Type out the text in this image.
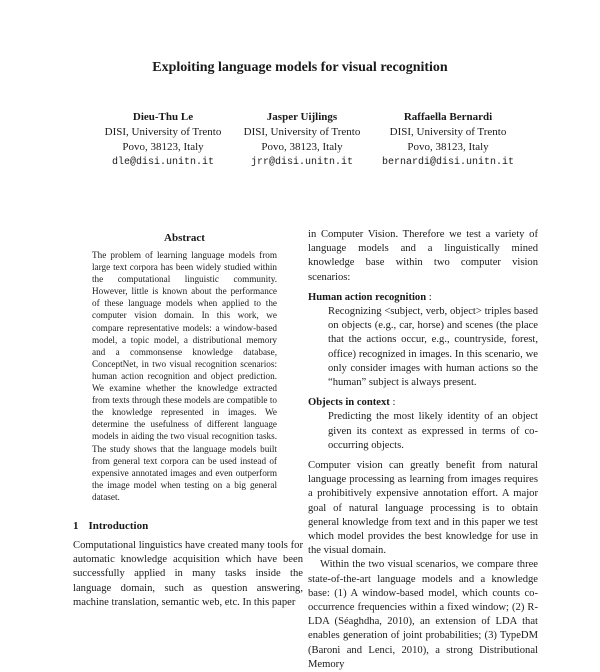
Exploiting language models for visual recognition
Dieu-Thu Le
DISI, University of Trento
Povo, 38123, Italy
dle@disi.unitn.it
Jasper Uijlings
DISI, University of Trento
Povo, 38123, Italy
jrr@disi.unitn.it
Raffaella Bernardi
DISI, University of Trento
Povo, 38123, Italy
bernardi@disi.unitn.it
Abstract
The problem of learning language models from large text corpora has been widely studied within the computational linguistic community. However, little is known about the performance of these language models when applied to the computer vision domain. In this work, we compare representative models: a window-based model, a topic model, a distributional memory and a commonsense knowledge database, ConceptNet, in two visual recognition scenarios: human action recognition and object prediction. We examine whether the knowledge extracted from texts through these models are compatible to the knowledge represented in images. We determine the usefulness of different language models in aiding the two visual recognition tasks. The study shows that the language models built from general text corpora can be used instead of expensive annotated images and even outperform the image model when testing on a big general dataset.
1 Introduction
Computational linguistics have created many tools for automatic knowledge acquisition which have been successfully applied in many tasks inside the language domain, such as question answering, machine translation, semantic web, etc. In this paper

in Computer Vision. Therefore we test a variety of language models and a linguistically mined knowledge base within two computer vision scenarios:

Human action recognition :
Recognizing <subject, verb, object> triples based on objects (e.g., car, horse) and scenes (the place that the actions occur, e.g., countryside, forest, office) recognized in images. In this scenario, we only consider images with human actions so the “human” subject is always present.
Objects in context :
Predicting the most likely identity of an object given its context as expressed in terms of co-occurring objects.

Computer vision can greatly benefit from natural language processing as learning from images requires a prohibitively expensive annotation effort. A major goal of natural language processing is to obtain general knowledge from text and in this paper we test which model provides the best knowledge for use in the visual domain.

Within the two visual scenarios, we compare three state-of-the-art language models and a knowledge base: (1) A window-based model, which counts co-occurrence frequencies within a fixed window; (2) R-LDA (Séaghdha, 2010), an extension of LDA that enables generation of joint probabilities; (3) TypeDM (Baroni and Lenci, 2010), a strong Distributional Memory
